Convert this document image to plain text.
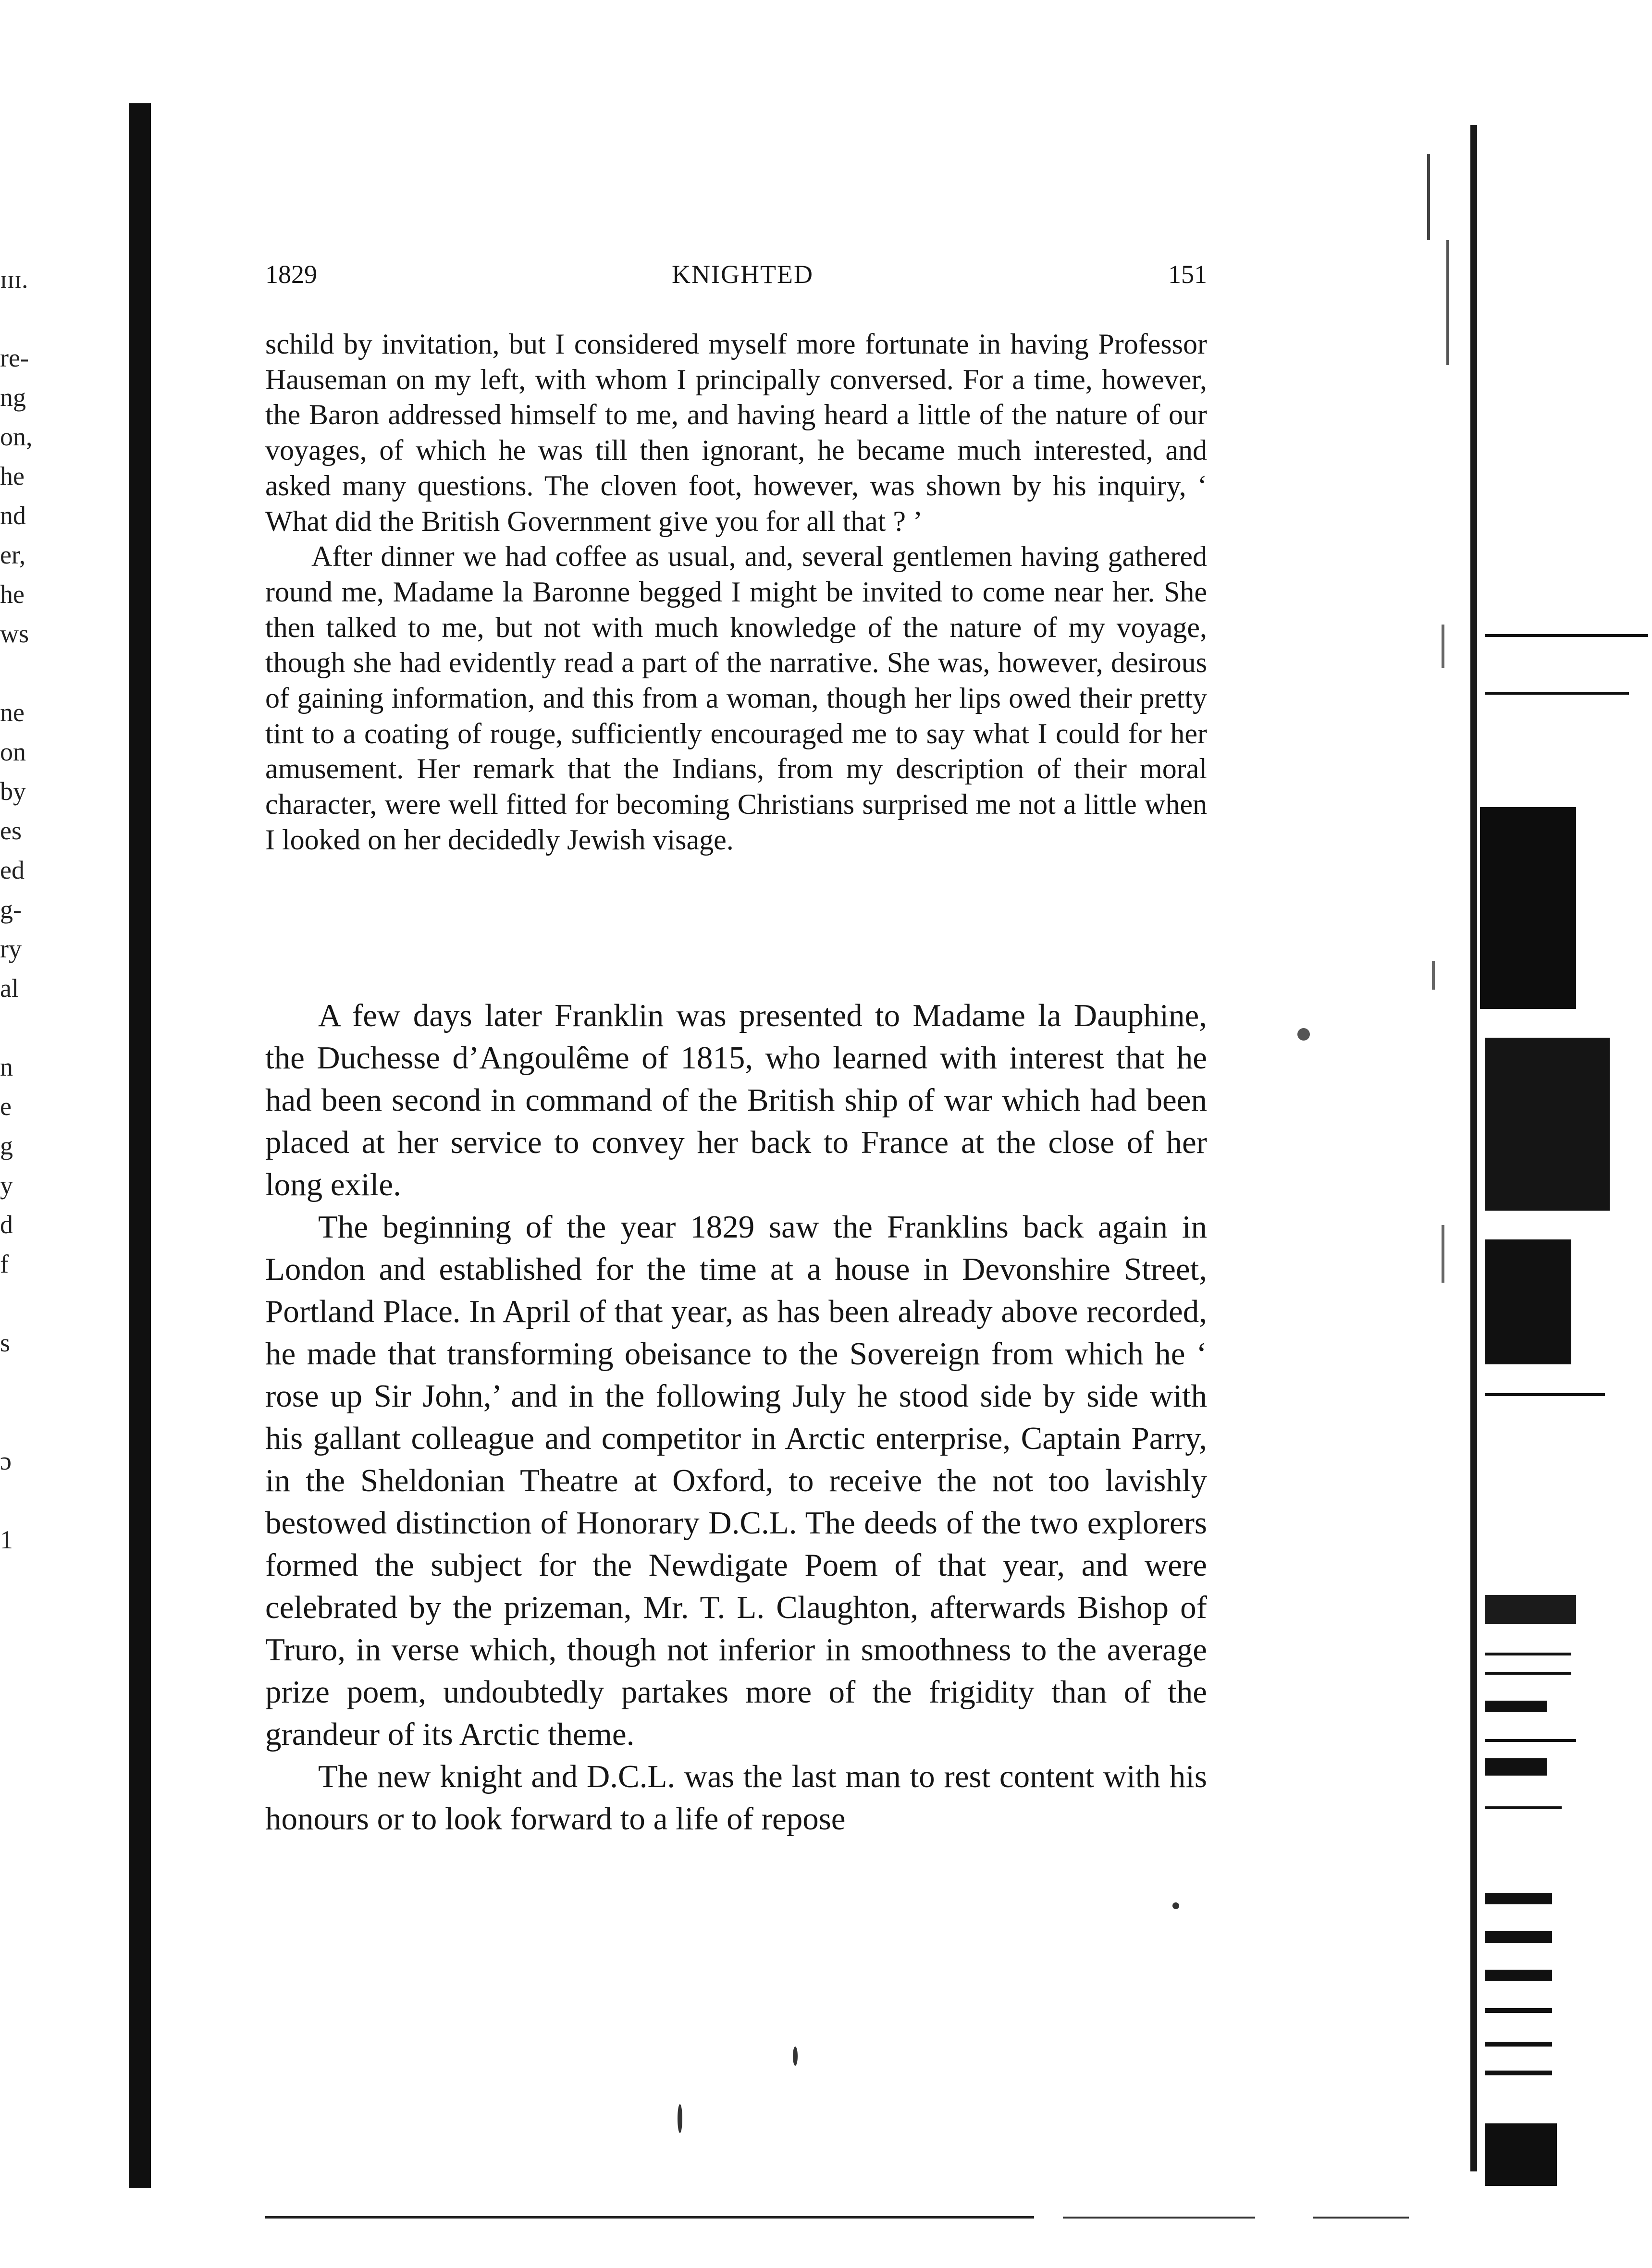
ɪɪɪ.
re-
ng
on,
he
nd
er,
he
ws
ne
on
by
es
ed
g-
ry
al
n
e
g
y
d
f
s
ɔ
1
1829	KNIGHTED	151

schild by invitation, but I considered myself more fortunate in having Professor Hauseman on my left, with whom I principally conversed. For a time, however, the Baron addressed himself to me, and having heard a little of the nature of our voyages, of which he was till then ignorant, he became much interested, and asked many questions. The cloven foot, however, was shown by his inquiry, ‘ What did the British Government give you for all that ? ’

After dinner we had coffee as usual, and, several gentlemen having gathered round me, Madame la Baronne begged I might be invited to come near her. She then talked to me, but not with much knowledge of the nature of my voyage, though she had evidently read a part of the narrative. She was, however, desirous of gaining information, and this from a woman, though her lips owed their pretty tint to a coating of rouge, sufficiently encouraged me to say what I could for her amusement. Her remark that the Indians, from my description of their moral character, were well fitted for becoming Christians surprised me not a little when I looked on her decidedly Jewish visage.

A few days later Franklin was presented to Madame la Dauphine, the Duchesse d’Angoulême of 1815, who learned with interest that he had been second in command of the British ship of war which had been placed at her service to convey her back to France at the close of her long exile.

The beginning of the year 1829 saw the Franklins back again in London and established for the time at a house in Devonshire Street, Portland Place. In April of that year, as has been already above recorded, he made that transforming obeisance to the Sovereign from which he ‘ rose up Sir John,’ and in the following July he stood side by side with his gallant colleague and competitor in Arctic enterprise, Captain Parry, in the Sheldonian Theatre at Oxford, to receive the not too lavishly bestowed distinction of Honorary D.C.L. The deeds of the two explorers formed the subject for the Newdigate Poem of that year, and were celebrated by the prizeman, Mr. T. L. Claughton, afterwards Bishop of Truro, in verse which, though not inferior in smoothness to the average prize poem, undoubtedly partakes more of the frigidity than of the grandeur of its Arctic theme.

The new knight and D.C.L. was the last man to rest content with his honours or to look forward to a life of repose
